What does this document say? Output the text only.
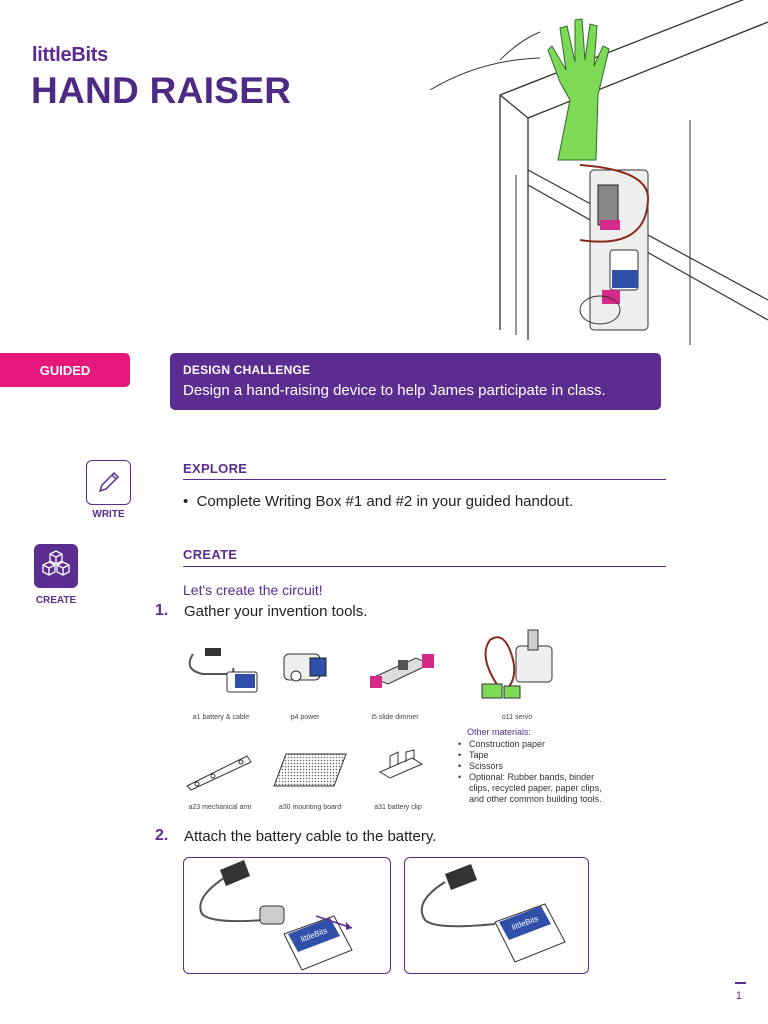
littleBits
HAND RAISER
GUIDED	DESIGN CHALLENGE
Design a hand-raising device to help James participate in class.
WRITE
EXPLORE
•  Complete Writing Box #1 and #2 in your guided handout.
CREATE
CREATE
Let's create the circuit!
1. Gather your invention tools.
a1 battery & cable	p4 power	i5 slide dimmer	o11 servo
a23 mechanical arm	a30 mounting board	a31 battery clip
Other materials:
• Construction paper
• Tape
• Scissors
• Optional: Rubber bands, binder clips, recycled paper, paper clips, and other common building tools.
2. Attach the battery cable to the battery.
littleBits
littleBits
1
